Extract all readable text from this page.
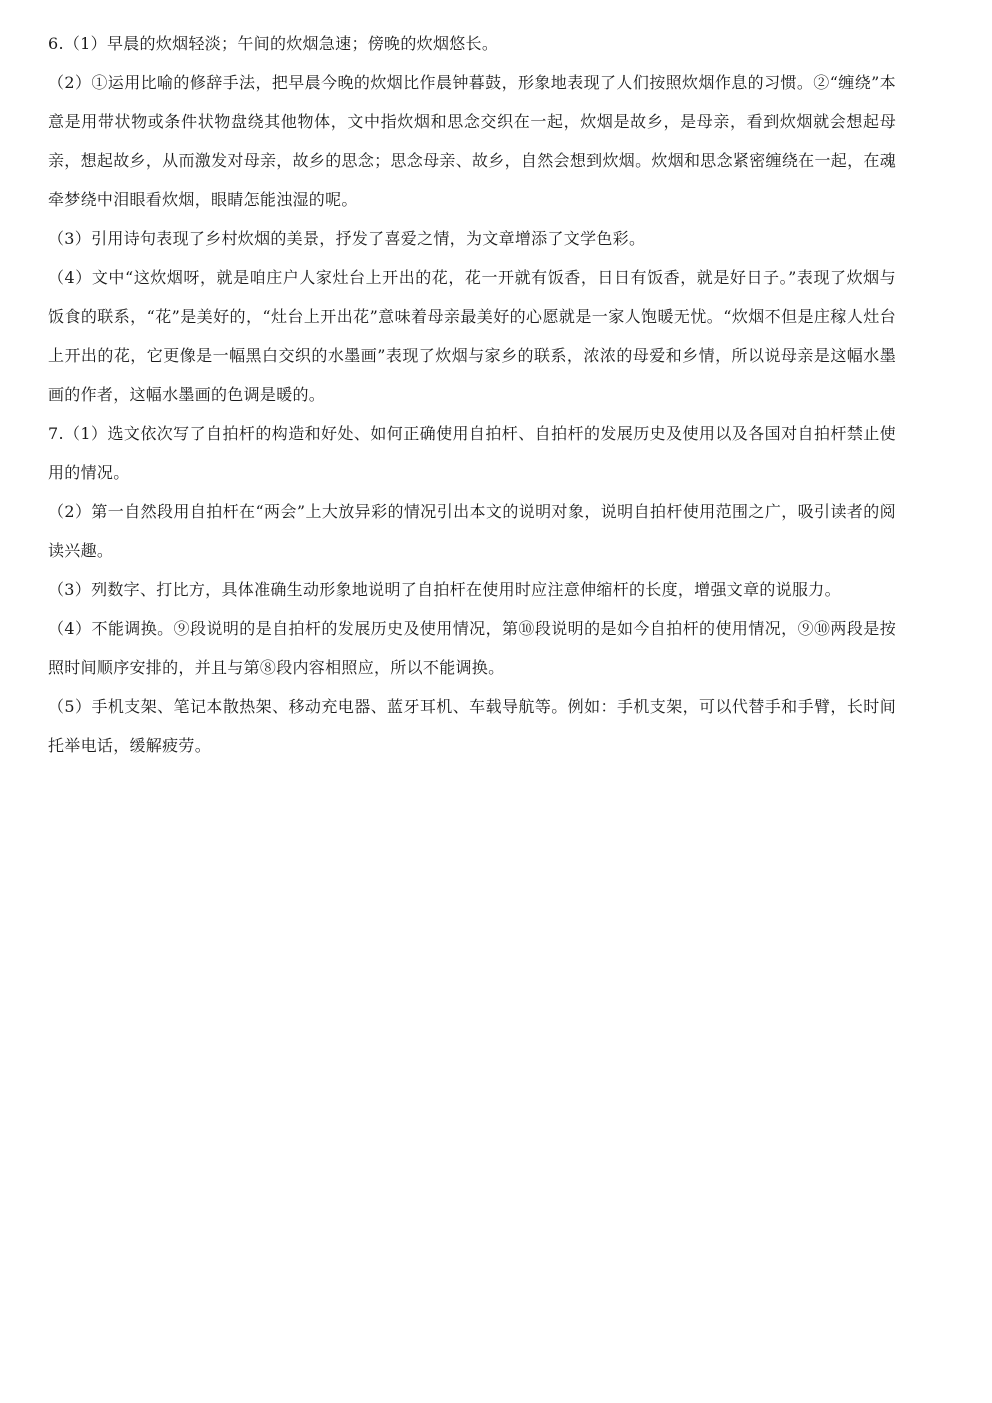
6.（1）早晨的炊烟轻淡；午间的炊烟急速；傍晚的炊烟悠长。

（2）①运用比喻的修辞手法，把早晨今晚的炊烟比作晨钟暮鼓，形象地表现了人们按照炊烟作息的习惯。②“缠绕”本意是用带状物或条件状物盘绕其他物体，文中指炊烟和思念交织在一起，炊烟是故乡，是母亲，看到炊烟就会想起母亲，想起故乡，从而激发对母亲，故乡的思念；思念母亲、故乡，自然会想到炊烟。炊烟和思念紧密缠绕在一起，在魂牵梦绕中泪眼看炊烟，眼睛怎能浊湿的呢。

（3）引用诗句表现了乡村炊烟的美景，抒发了喜爱之情，为文章增添了文学色彩。

（4）文中“这炊烟呀，就是咱庄户人家灶台上开出的花，花一开就有饭香，日日有饭香，就是好日子。”表现了炊烟与饭食的联系，“花”是美好的，“灶台上开出花”意味着母亲最美好的心愿就是一家人饱暖无忧。“炊烟不但是庄稼人灶台上开出的花，它更像是一幅黑白交织的水墨画”表现了炊烟与家乡的联系，浓浓的母爱和乡情，所以说母亲是这幅水墨画的作者，这幅水墨画的色调是暖的。

7.（1）选文依次写了自拍杆的构造和好处、如何正确使用自拍杆、自拍杆的发展历史及使用以及各国对自拍杆禁止使用的情况。

（2）第一自然段用自拍杆在“两会”上大放异彩的情况引出本文的说明对象，说明自拍杆使用范围之广，吸引读者的阅读兴趣。

（3）列数字、打比方，具体准确生动形象地说明了自拍杆在使用时应注意伸缩杆的长度，增强文章的说服力。

（4）不能调换。⑨段说明的是自拍杆的发展历史及使用情况，第⑩段说明的是如今自拍杆的使用情况，⑨⑩两段是按照时间顺序安排的，并且与第⑧段内容相照应，所以不能调换。

（5）手机支架、笔记本散热架、移动充电器、蓝牙耳机、车载导航等。例如：手机支架，可以代替手和手臂，长时间托举电话，缓解疲劳。
